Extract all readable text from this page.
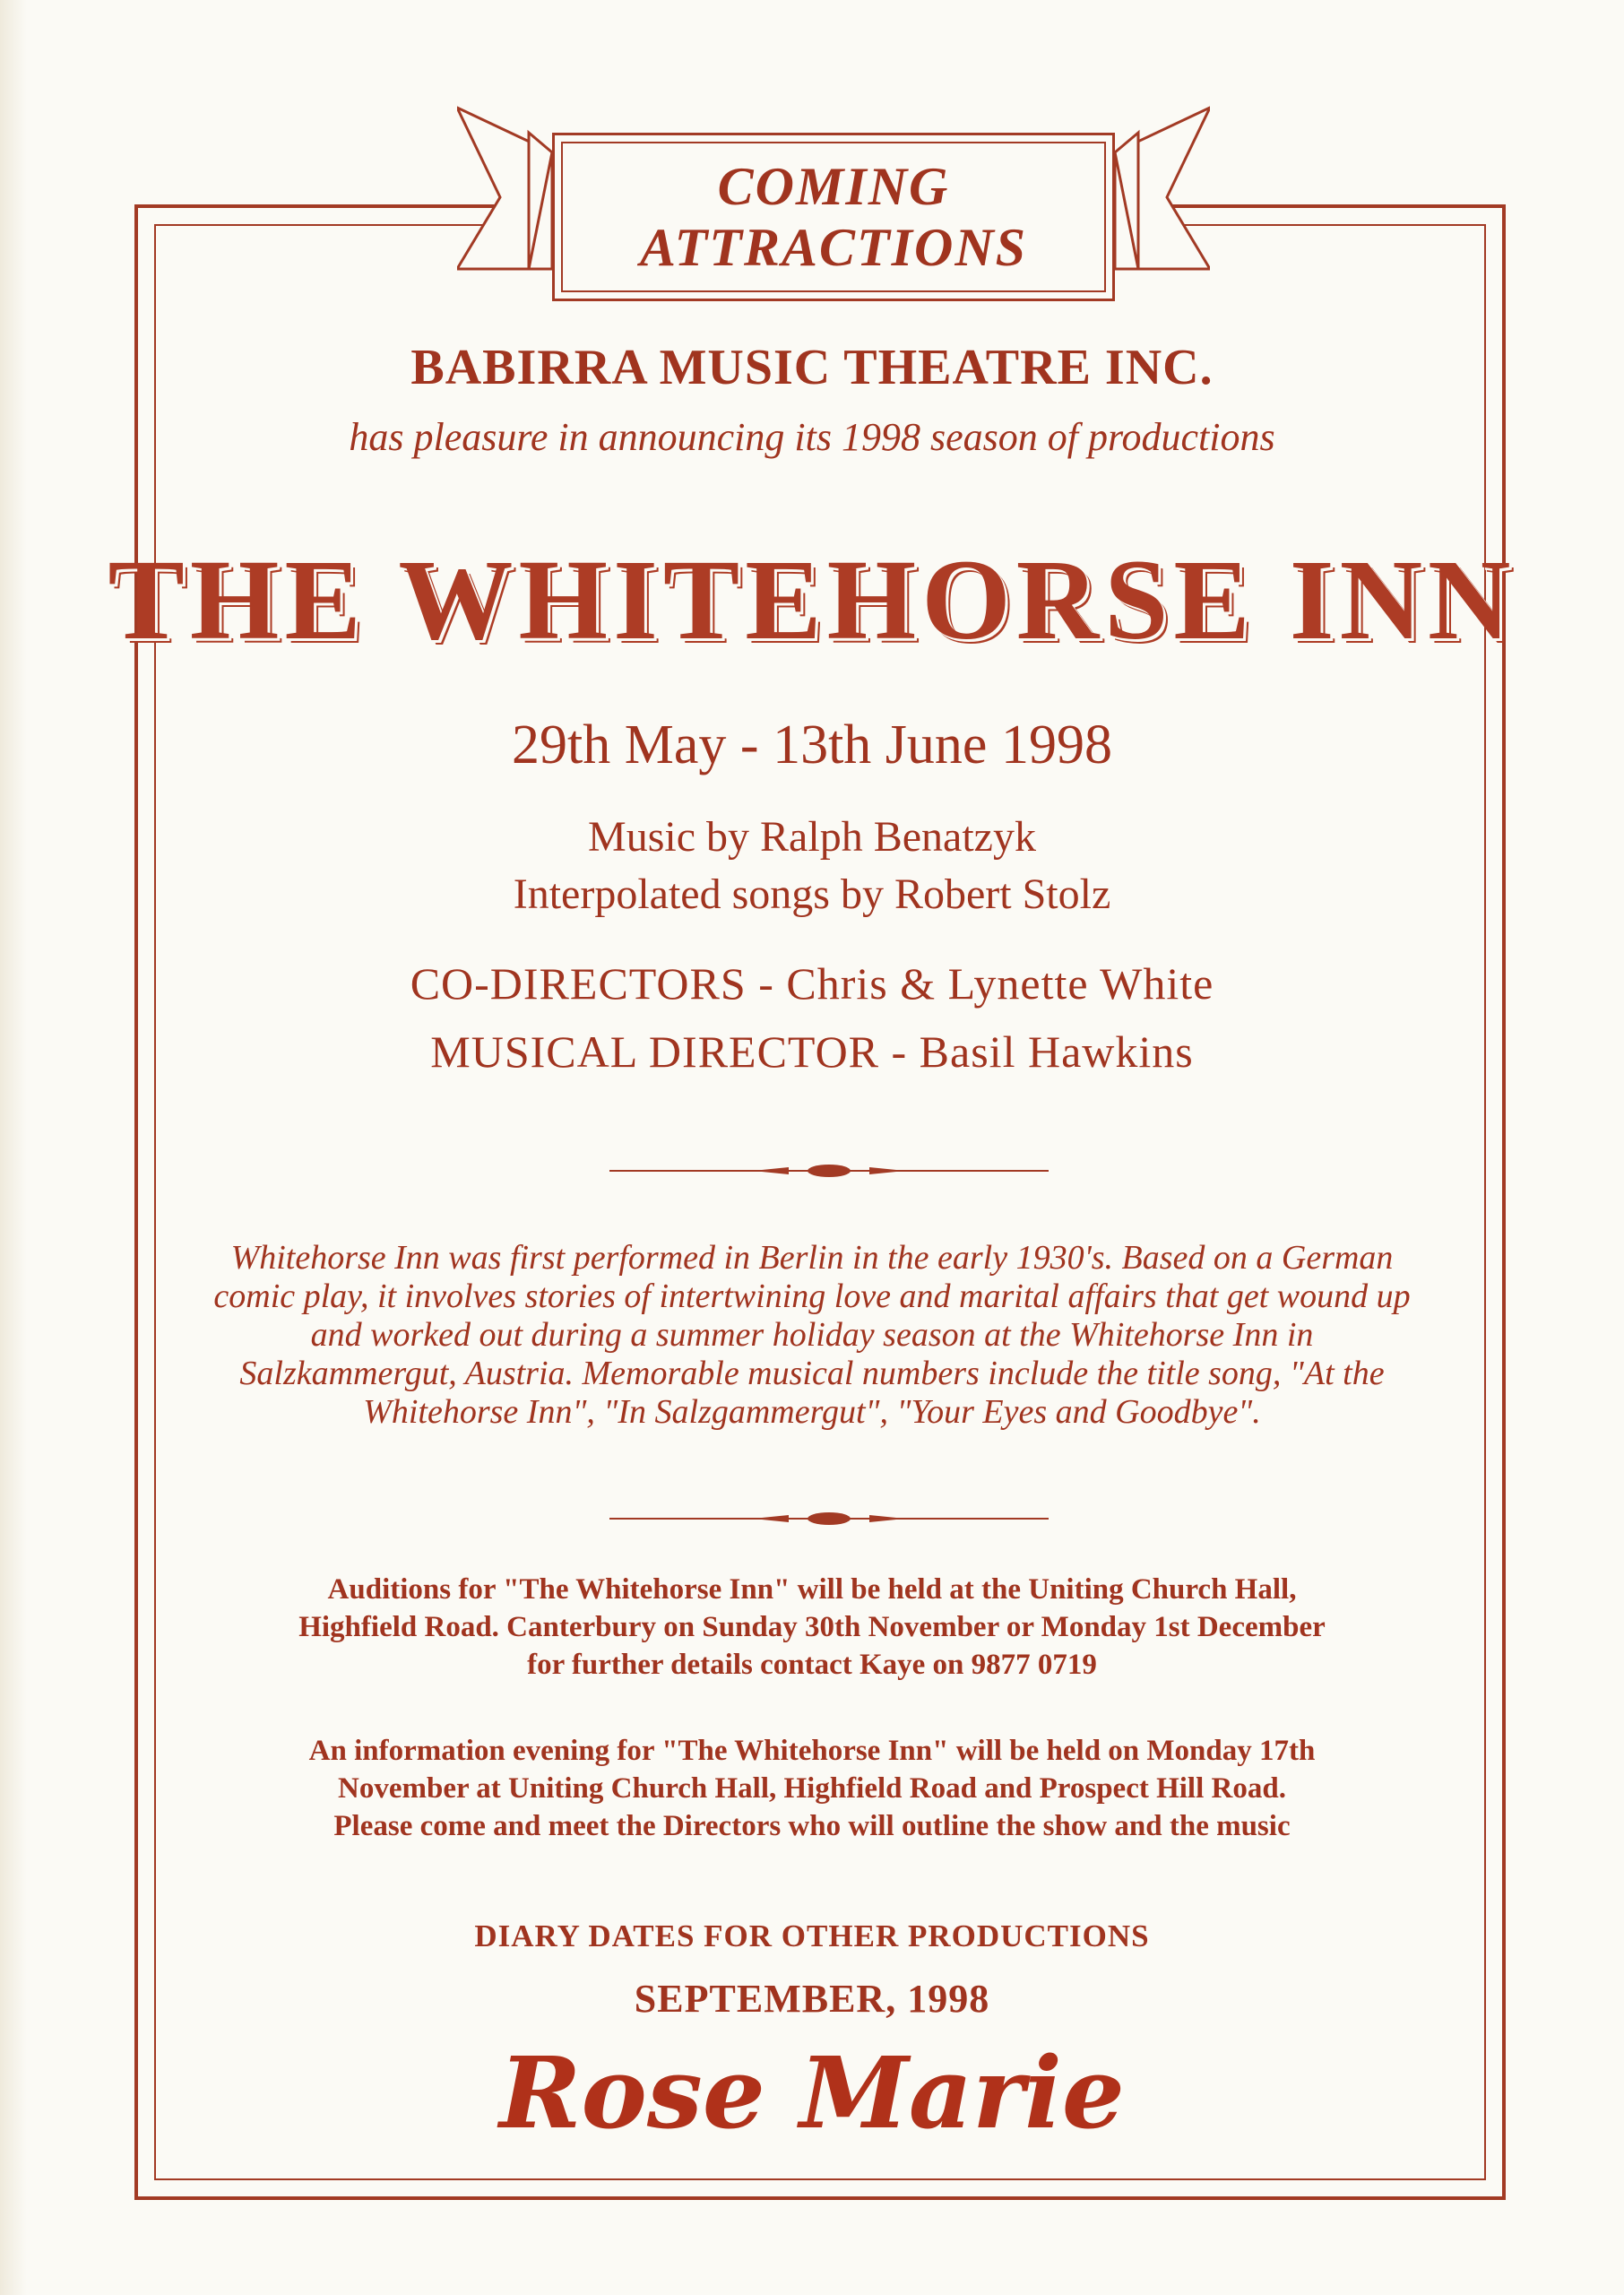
COMING
ATTRACTIONS
BABIRRA MUSIC THEATRE INC.
has pleasure in announcing its 1998 season of productions
THE WHITEHORSE INN
29th May - 13th June 1998
Music by Ralph Benatzyk
Interpolated songs by Robert Stolz
CO-DIRECTORS - Chris & Lynette White
MUSICAL DIRECTOR - Basil Hawkins
Whitehorse Inn was first performed in Berlin in the early 1930's. Based on a German comic play, it involves stories of intertwining love and marital affairs that get wound up and worked out during a summer holiday season at the Whitehorse Inn in Salzkammergut, Austria. Memorable musical numbers include the title song, "At the Whitehorse Inn", "In Salzgammergut", "Your Eyes and Goodbye".
Auditions for "The Whitehorse Inn" will be held at the Uniting Church Hall,
Highfield Road. Canterbury on Sunday 30th November or Monday 1st December
for further details contact Kaye on 9877 0719
An information evening for "The Whitehorse Inn" will be held on Monday 17th
November at Uniting Church Hall, Highfield Road and Prospect Hill Road.
Please come and meet the Directors who will outline the show and the music
DIARY DATES FOR OTHER PRODUCTIONS
SEPTEMBER, 1998
Rose Marie
